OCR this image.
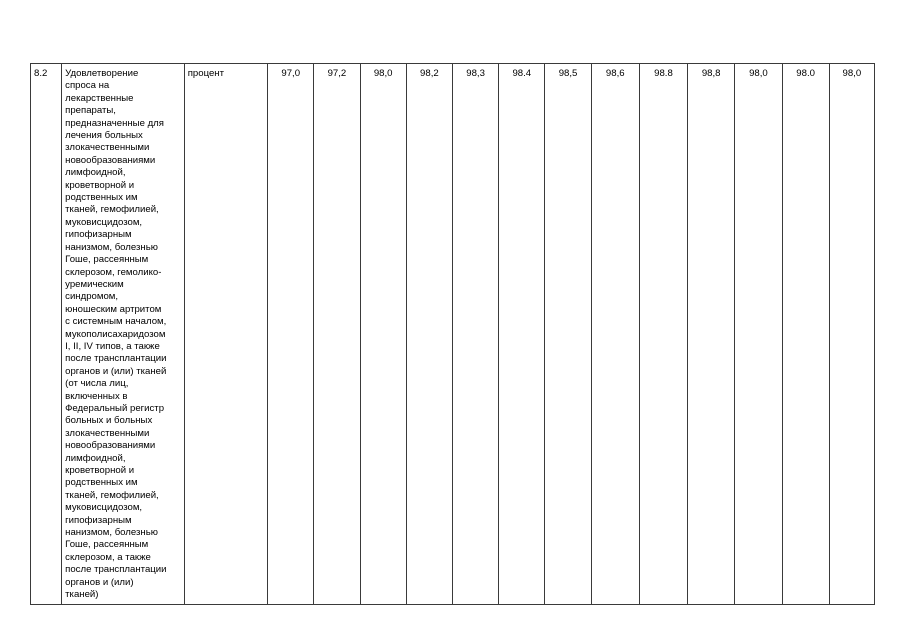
8.2	Удовлетворение
спроса на
лекарственные
препараты,
предназначенные для
лечения больных
злокачественными
новообразованиями
лимфоидной,
кроветворной и
родственных им
тканей, гемофилией,
муковисцидозом,
гипофизарным
нанизмом, болезнью
Гоше, рассеянным
склерозом, гемолико-
уремическим
синдромом,
юношеским артритом
с системным началом,
мукополисахаридозом
I, II, IV типов, а также
после трансплантации
органов и (или) тканей
(от числа лиц,
включенных в
Федеральный регистр
больных и больных
злокачественными
новообразованиями
лимфоидной,
кроветворной и
родственных им
тканей, гемофилией,
муковисцидозом,
гипофизарным
нанизмом, болезнью
Гоше, рассеянным
склерозом, а также
после трансплантации
органов и (или)
тканей)
	процент	97,0	97,2	98,0	98,2	98,3	98.4	98,5	98,6	98.8	98,8	98,0	98.0	98,0
